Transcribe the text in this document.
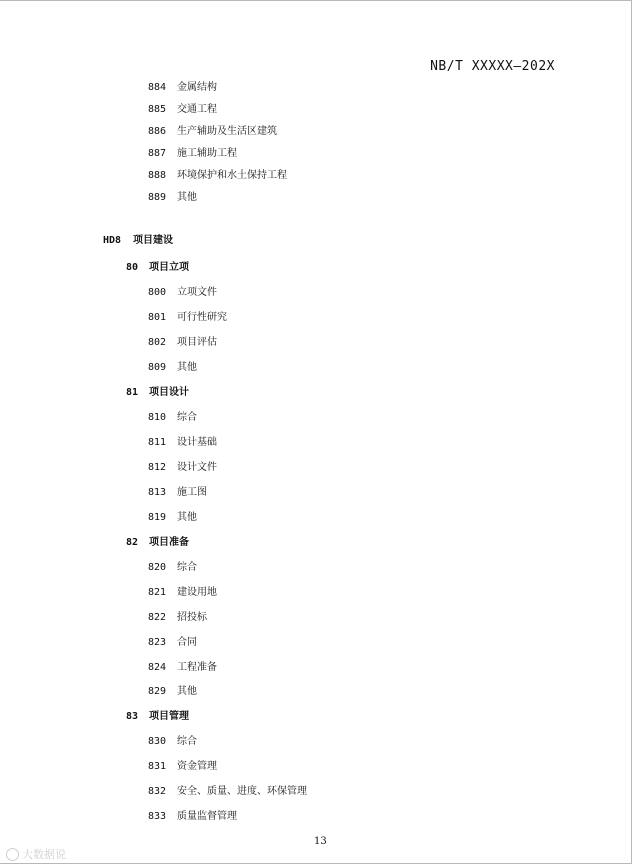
NB/T XXXXX—202X
884 金属结构
885 交通工程
886 生产辅助及生活区建筑
887 施工辅助工程
888 环境保护和水土保持工程
889 其他
HD8 项目建设
80 项目立项
800 立项文件
801 可行性研究
802 项目评估
809 其他
81 项目设计
810 综合
811 设计基础
812 设计文件
813 施工图
819 其他
82 项目准备
820 综合
821 建设用地
822 招投标
823 合同
824 工程准备
829 其他
83 项目管理
830 综合
831 资金管理
832 安全、质量、进度、环保管理
833 质量监督管理
13
大数据说
